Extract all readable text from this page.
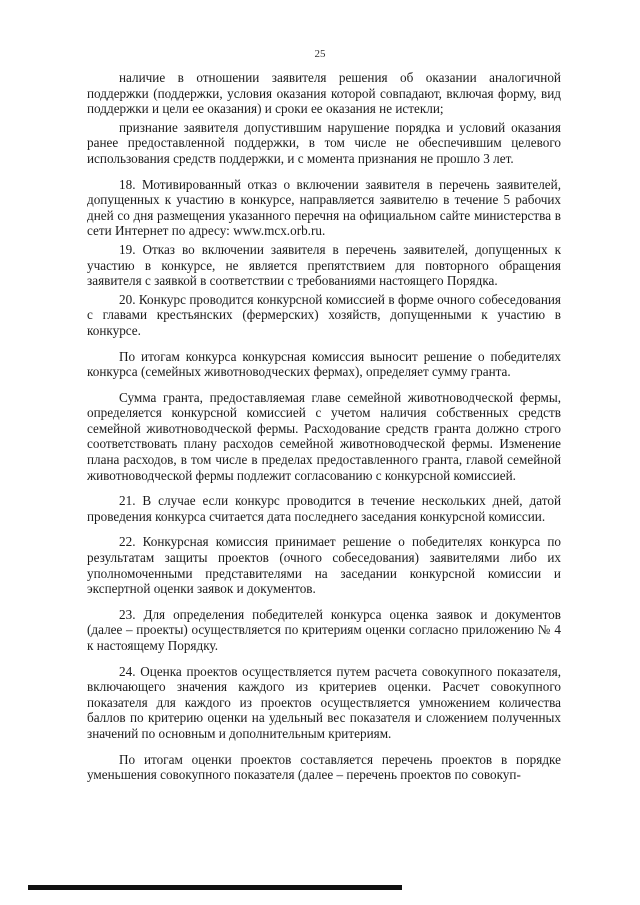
25

наличие в отношении заявителя решения об оказании аналогичной поддержки (поддержки, условия оказания которой совпадают, включая форму, вид поддержки и цели ее оказания) и сроки ее оказания не истекли;

признание заявителя допустившим нарушение порядка и условий оказания ранее предоставленной поддержки, в том числе не обеспечившим целевого использования средств поддержки, и с момента признания не прошло 3 лет.

18. Мотивированный отказ о включении заявителя в перечень заявителей, допущенных к участию в конкурсе, направляется заявителю в течение 5 рабочих дней со дня размещения указанного перечня на официальном сайте министерства в сети Интернет по адресу: www.mcx.orb.ru.

19. Отказ во включении заявителя в перечень заявителей, допущенных к участию в конкурсе, не является препятствием для повторного обращения заявителя с заявкой в соответствии с требованиями настоящего Порядка.

20. Конкурс проводится конкурсной комиссией в форме очного собеседования с главами крестьянских (фермерских) хозяйств, допущенными к участию в конкурсе.

По итогам конкурса конкурсная комиссия выносит решение о победителях конкурса (семейных животноводческих фермах), определяет сумму гранта.

Сумма гранта, предоставляемая главе семейной животноводческой фермы, определяется конкурсной комиссией с учетом наличия собственных средств семейной животноводческой фермы. Расходование средств гранта должно строго соответствовать плану расходов семейной животноводческой фермы. Изменение плана расходов, в том числе в пределах предоставленного гранта, главой семейной животноводческой фермы подлежит согласованию с конкурсной комиссией.

21. В случае если конкурс проводится в течение нескольких дней, датой проведения конкурса считается дата последнего заседания конкурсной комиссии.

22. Конкурсная комиссия принимает решение о победителях конкурса по результатам защиты проектов (очного собеседования) заявителями либо их уполномоченными представителями на заседании конкурсной комиссии и экспертной оценки заявок и документов.

23. Для определения победителей конкурса оценка заявок и документов (далее – проекты) осуществляется по критериям оценки согласно приложению № 4 к настоящему Порядку.

24. Оценка проектов осуществляется путем расчета совокупного показателя, включающего значения каждого из критериев оценки. Расчет совокупного показателя для каждого из проектов осуществляется умножением количества баллов по критерию оценки на удельный вес показателя и сложением полученных значений по основным и дополнительным критериям.

По итогам оценки проектов составляется перечень проектов в порядке уменьшения совокупного показателя (далее – перечень проектов по совокуп-
